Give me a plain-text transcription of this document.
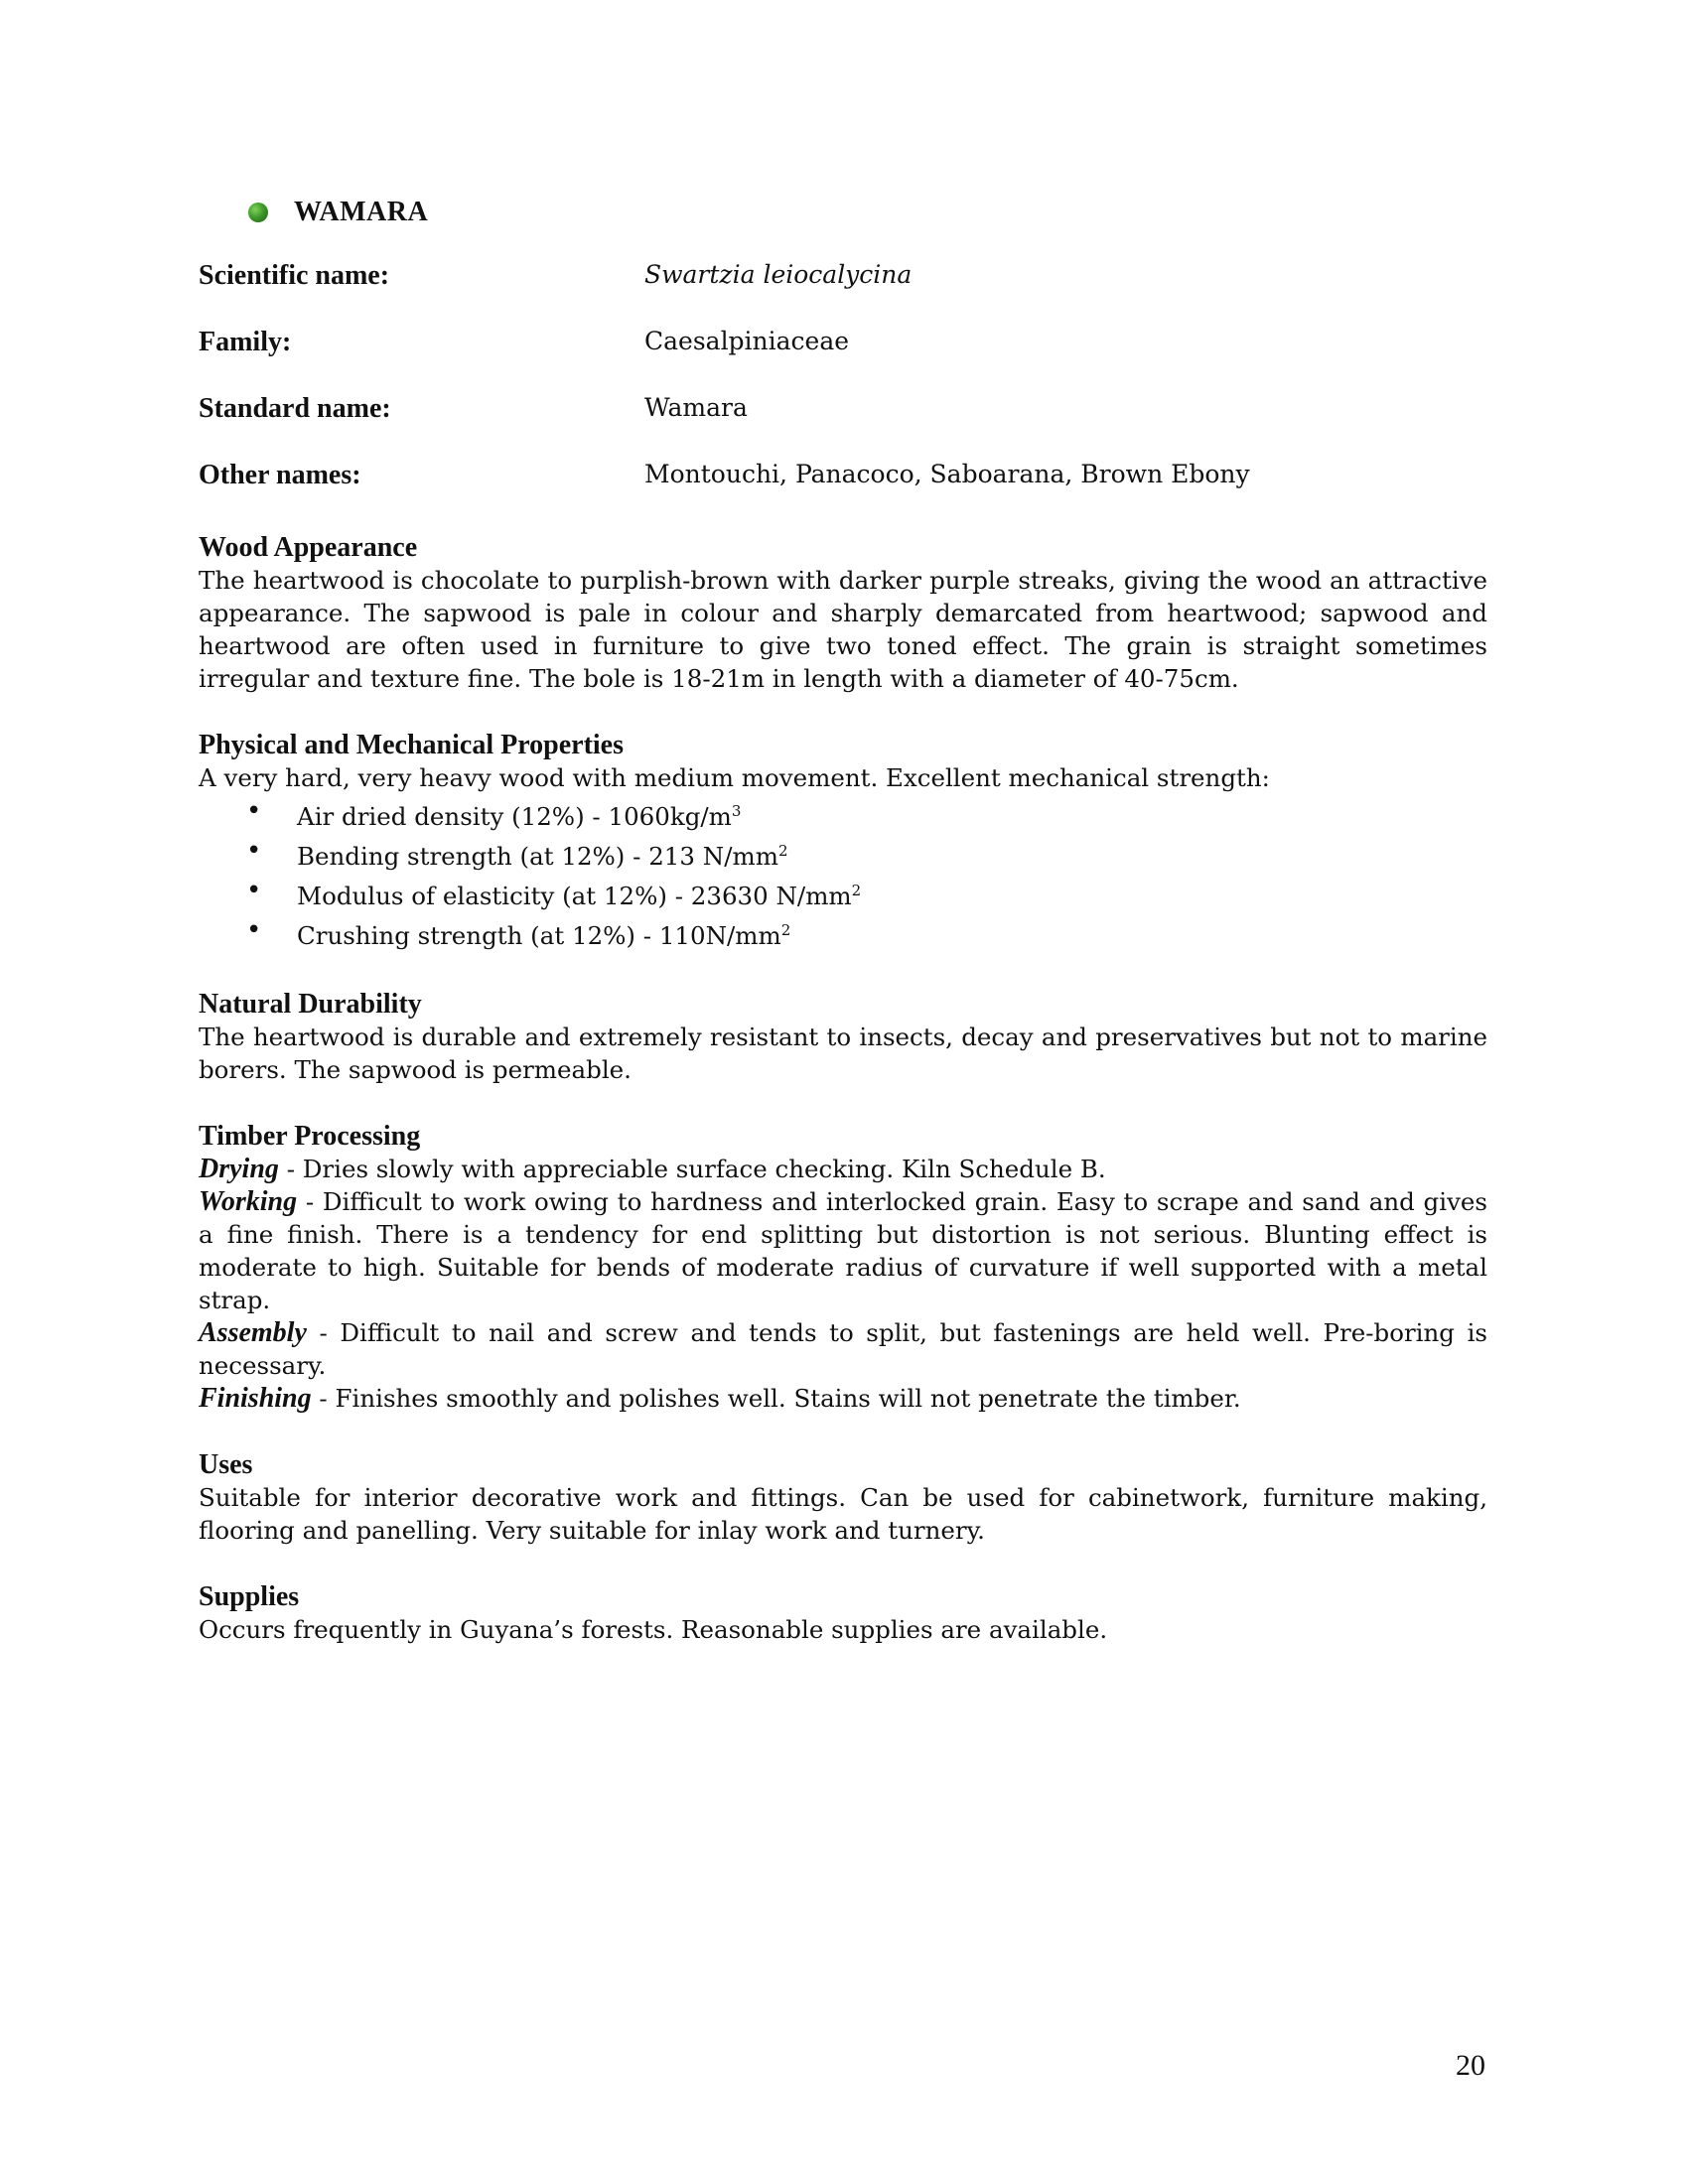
WAMARA
Scientific name:	Swartzia leiocalycina
Family:	Caesalpiniaceae
Standard name:	Wamara
Other names:	Montouchi, Panacoco, Saboarana, Brown Ebony
Wood Appearance
The heartwood is chocolate to purplish-brown with darker purple streaks, giving the wood an attractive appearance. The sapwood is pale in colour and sharply demarcated from heartwood; sapwood and heartwood are often used in furniture to give two toned effect. The grain is straight sometimes irregular and texture fine. The bole is 18-21m in length with a diameter of 40-75cm.
Physical and Mechanical Properties
A very hard, very heavy wood with medium movement. Excellent mechanical strength:
• Air dried density $(12\%) - 1060kg/m^3$
• Bending strength (at 12%) - 213 $N/mm^2$
• Modulus of elasticity (at 12%) - 23630 $N/mm^2$
• Crushing strength (at $12\%) - 110N/mm^2$
Natural Durability
The heartwood is durable and extremely resistant to insects, decay and preservatives but not to marine borers. The sapwood is permeable.
Timber Processing
Drying - Dries slowly with appreciable surface checking. Kiln Schedule B.
Working - Difficult to work owing to hardness and interlocked grain. Easy to scrape and sand and gives a fine finish. There is a tendency for end splitting but distortion is not serious. Blunting effect is moderate to high. Suitable for bends of moderate radius of curvature if well supported with a metal strap.
Assembly - Difficult to nail and screw and tends to split, but fastenings are held well. Pre-boring is necessary.
Finishing - Finishes smoothly and polishes well. Stains will not penetrate the timber.
Uses
Suitable for interior decorative work and fittings. Can be used for cabinetwork, furniture making, flooring and panelling. Very suitable for inlay work and turnery.
Supplies
Occurs frequently in Guyana’s forests. Reasonable supplies are available.
20
